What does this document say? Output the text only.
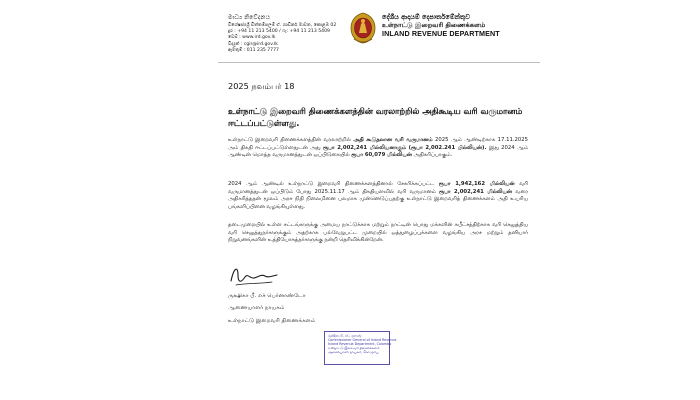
මාධ්‍ය නිවේදනය
විශේෂජ්‍යශ්‍රී චිත්තම්පලම් ඒ. ගාඩිනර් මාවත, කොළඹ 02
දුර : +94 11 213 5400 / ෆැ: +94 11 213 5409
වෙබ් : www.ird.gov.lk
විද්‍යුත් : cgir@ird.gov.lk
ඇමතුම් : 011 235 7777
දේශීය ආදායම් දෙපාර්තමේන්තුව
உள்நாட்டு இறைவரி திணைக்களம்
INLAND REVENUE DEPARTMENT
2025 நவம்பர் 18
உள்நாட்டு இறைவரி திணைக்களத்தின் வரலாற்றில் அதிகூடிய வரி வருமானம் ஈட்டப்பட்டுள்ளது.
உள்நாட்டு இறைவரி திணைக்களத்தின் வரலாற்றில் அதி கூடுதலான வரி வருமானம் 2025 ஆம் ஆண்டிற்காக 17.11.2025 அம் திகதி ஈட்டப்பட்டுள்ளதுடன் அது ரூபா 2,002,241 மில்லியனாகும் (ரூபா 2,002.241 பில்லியன்). இது 2024 ஆம் ஆண்டின் மொத்த வருமானத்துடன் ஒப்பிடுகையில் ரூபா 60,079 மில்லியன் அதிகரிப்பாகும்.
2024 ஆம் ஆண்டில் உள்நாட்டு இறைவரி திணைக்களத்தினால் சேகரிக்கப்பட்ட ரூபா 1,942,162 மில்லியன் வரி வருமானத்துடன் ஒப்பிடும் போது 2025.11.17 ஆம் திகதியளவில் வரி வருமானம் ரூபா 2,002,241 மில்லியன் வரை அதிகரித்ததன் மூலம் அரச நிதி நிலைமினை பலமாக முன்னெடுப்பதற்கு உள்நாட்டு இறைவரித் திணைக்களம் அதி உயரிய பங்களிப்பினை வழங்கியுள்ளது.
தடைமுறையில் உள்ள சட்டங்களுக்கு அமைய நாட்டுக்காக மற்றும் நாட்டின் பொது மக்களின் சுபீட்சத்திற்காக வரி செலுத்திய வரி செலுத்துநர்களுக்கும் அதற்காக பல்வேறுபட்ட முறையில் ஒத்துழைப்புக்களை வழங்கிய அரச மற்றும் தனியார் நிறுவனங்களின் உத்தியோகத்தர்களுக்கு நன்றி தெரிவிக்கின்றேன்.
ருக்ஷிகா பீ. எச் பெர்னாண்டோ
ஆணையாளர் நாயகம்
உள்நாட்டு இறைவரி திணைக்களம்
රුක්ෂිකා පී. එච්. ප්‍රනාන්දු
Commissioner General of Inland Revenue
Inland Revenue Department, Colombo
உள்நாட்டு இறைவரி திணைக்களம்
ஆணையாளர் நாயகம், கொழும்பு
